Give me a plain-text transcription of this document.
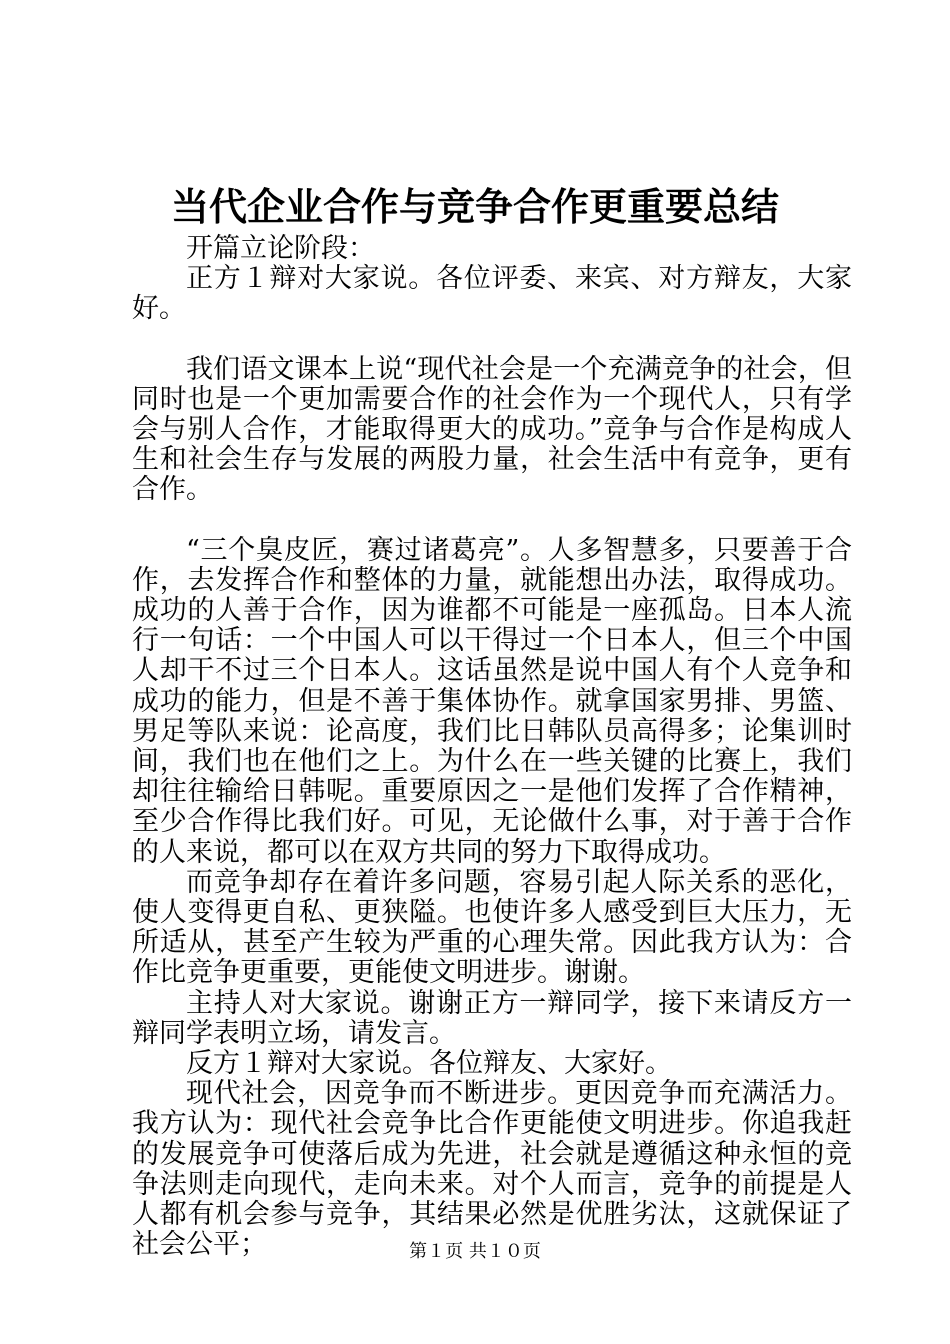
当代企业合作与竞争合作更重要总结

开篇立论阶段：

正方１辩对大家说。各位评委、来宾、对方辩友，大家好。

我们语文课本上说“现代社会是一个充满竞争的社会，但同时也是一个更加需要合作的社会作为一个现代人，只有学会与别人合作，才能取得更大的成功。”竞争与合作是构成人生和社会生存与发展的两股力量，社会生活中有竞争，更有合作。

“三个臭皮匠，赛过诸葛亮”。人多智慧多，只要善于合作，去发挥合作和整体的力量，就能想出办法，取得成功。成功的人善于合作，因为谁都不可能是一座孤岛。日本人流行一句话：一个中国人可以干得过一个日本人，但三个中国人却干不过三个日本人。这话虽然是说中国人有个人竞争和成功的能力，但是不善于集体协作。就拿国家男排、男篮、男足等队来说：论高度，我们比日韩队员高得多；论集训时间，我们也在他们之上。为什么在一些关键的比赛上，我们却往往输给日韩呢。重要原因之一是他们发挥了合作精神，至少合作得比我们好。可见，无论做什么事，对于善于合作的人来说，都可以在双方共同的努力下取得成功。

而竞争却存在着许多问题，容易引起人际关系的恶化，使人变得更自私、更狭隘。也使许多人感受到巨大压力，无所适从，甚至产生较为严重的心理失常。因此我方认为：合作比竞争更重要，更能使文明进步。谢谢。

主持人对大家说。谢谢正方一辩同学，接下来请反方一辩同学表明立场，请发言。

反方１辩对大家说。各位辩友、大家好。

现代社会，因竞争而不断进步。更因竞争而充满活力。我方认为：现代社会竞争比合作更能使文明进步。你追我赶的发展竞争可使落后成为先进，社会就是遵循这种永恒的竞争法则走向现代，走向未来。对个人而言，竞争的前提是人人都有机会参与竞争，其结果必然是优胜劣汰，这就保证了社会公平；	第１页 共１０页
